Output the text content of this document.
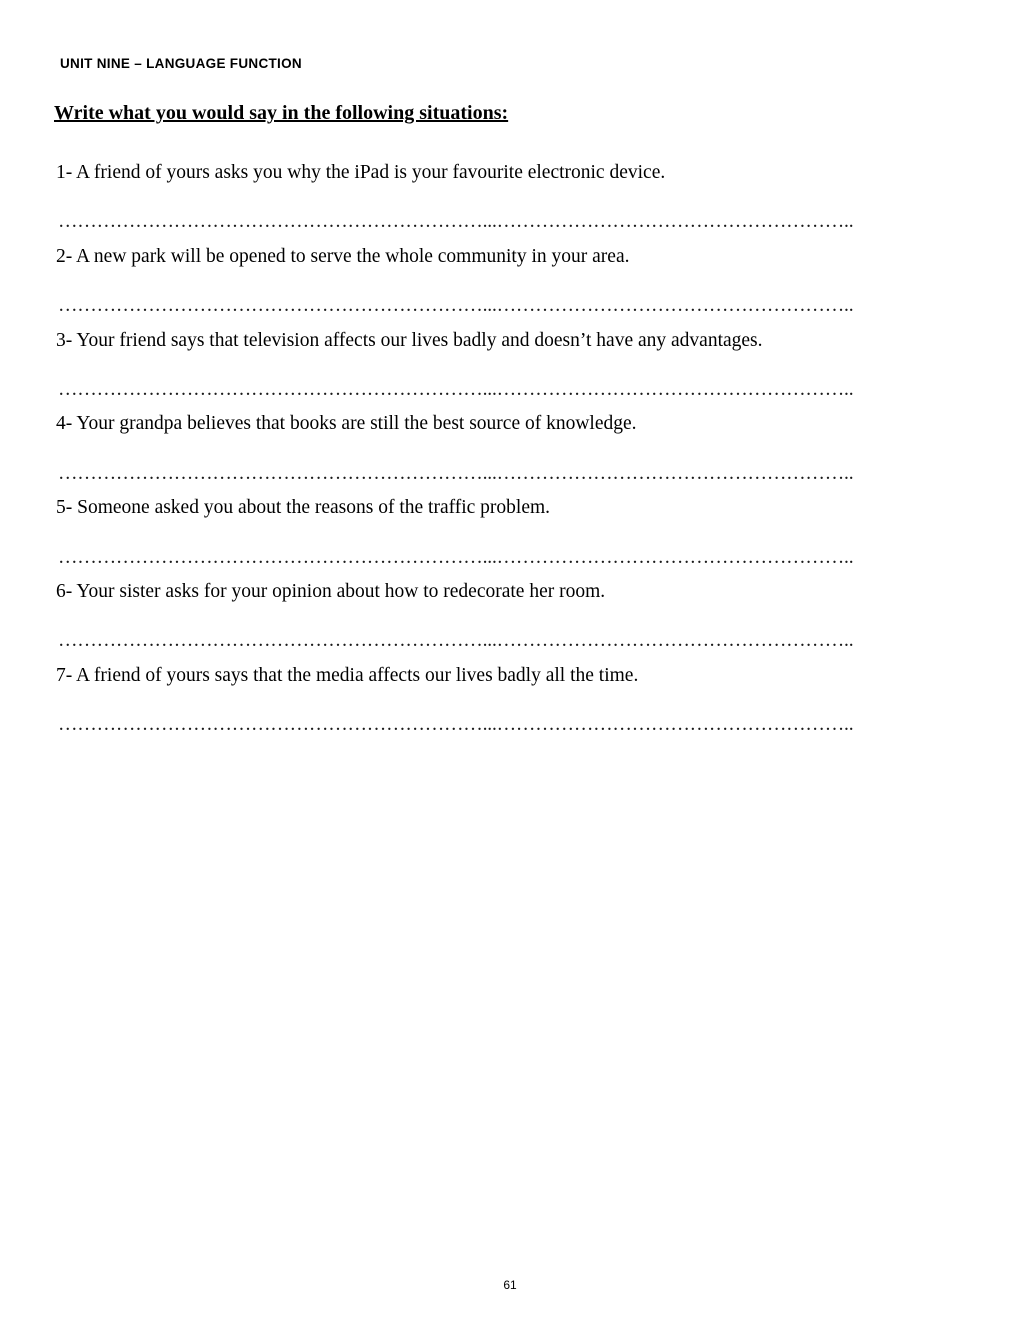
UNIT NINE – LANGUAGE FUNCTION
Write what you would say in the following situations:
1- A friend of yours asks you why the iPad is your favourite electronic device.
…………………………………………………………...………………………………………………..
2- A new park will be opened to serve the whole community in your area.
…………………………………………………………...………………………………………………..
3- Your friend says that television affects our lives badly and doesn’t have any advantages.
…………………………………………………………...………………………………………………..
4- Your grandpa believes that books are still the best source of knowledge.
…………………………………………………………...………………………………………………..
5- Someone asked you about the reasons of the traffic problem.
…………………………………………………………...………………………………………………..
6- Your sister asks for your opinion about how to redecorate her room.
…………………………………………………………...………………………………………………..
7- A friend of yours says that the media affects our lives badly all the time.
…………………………………………………………...………………………………………………..
61
